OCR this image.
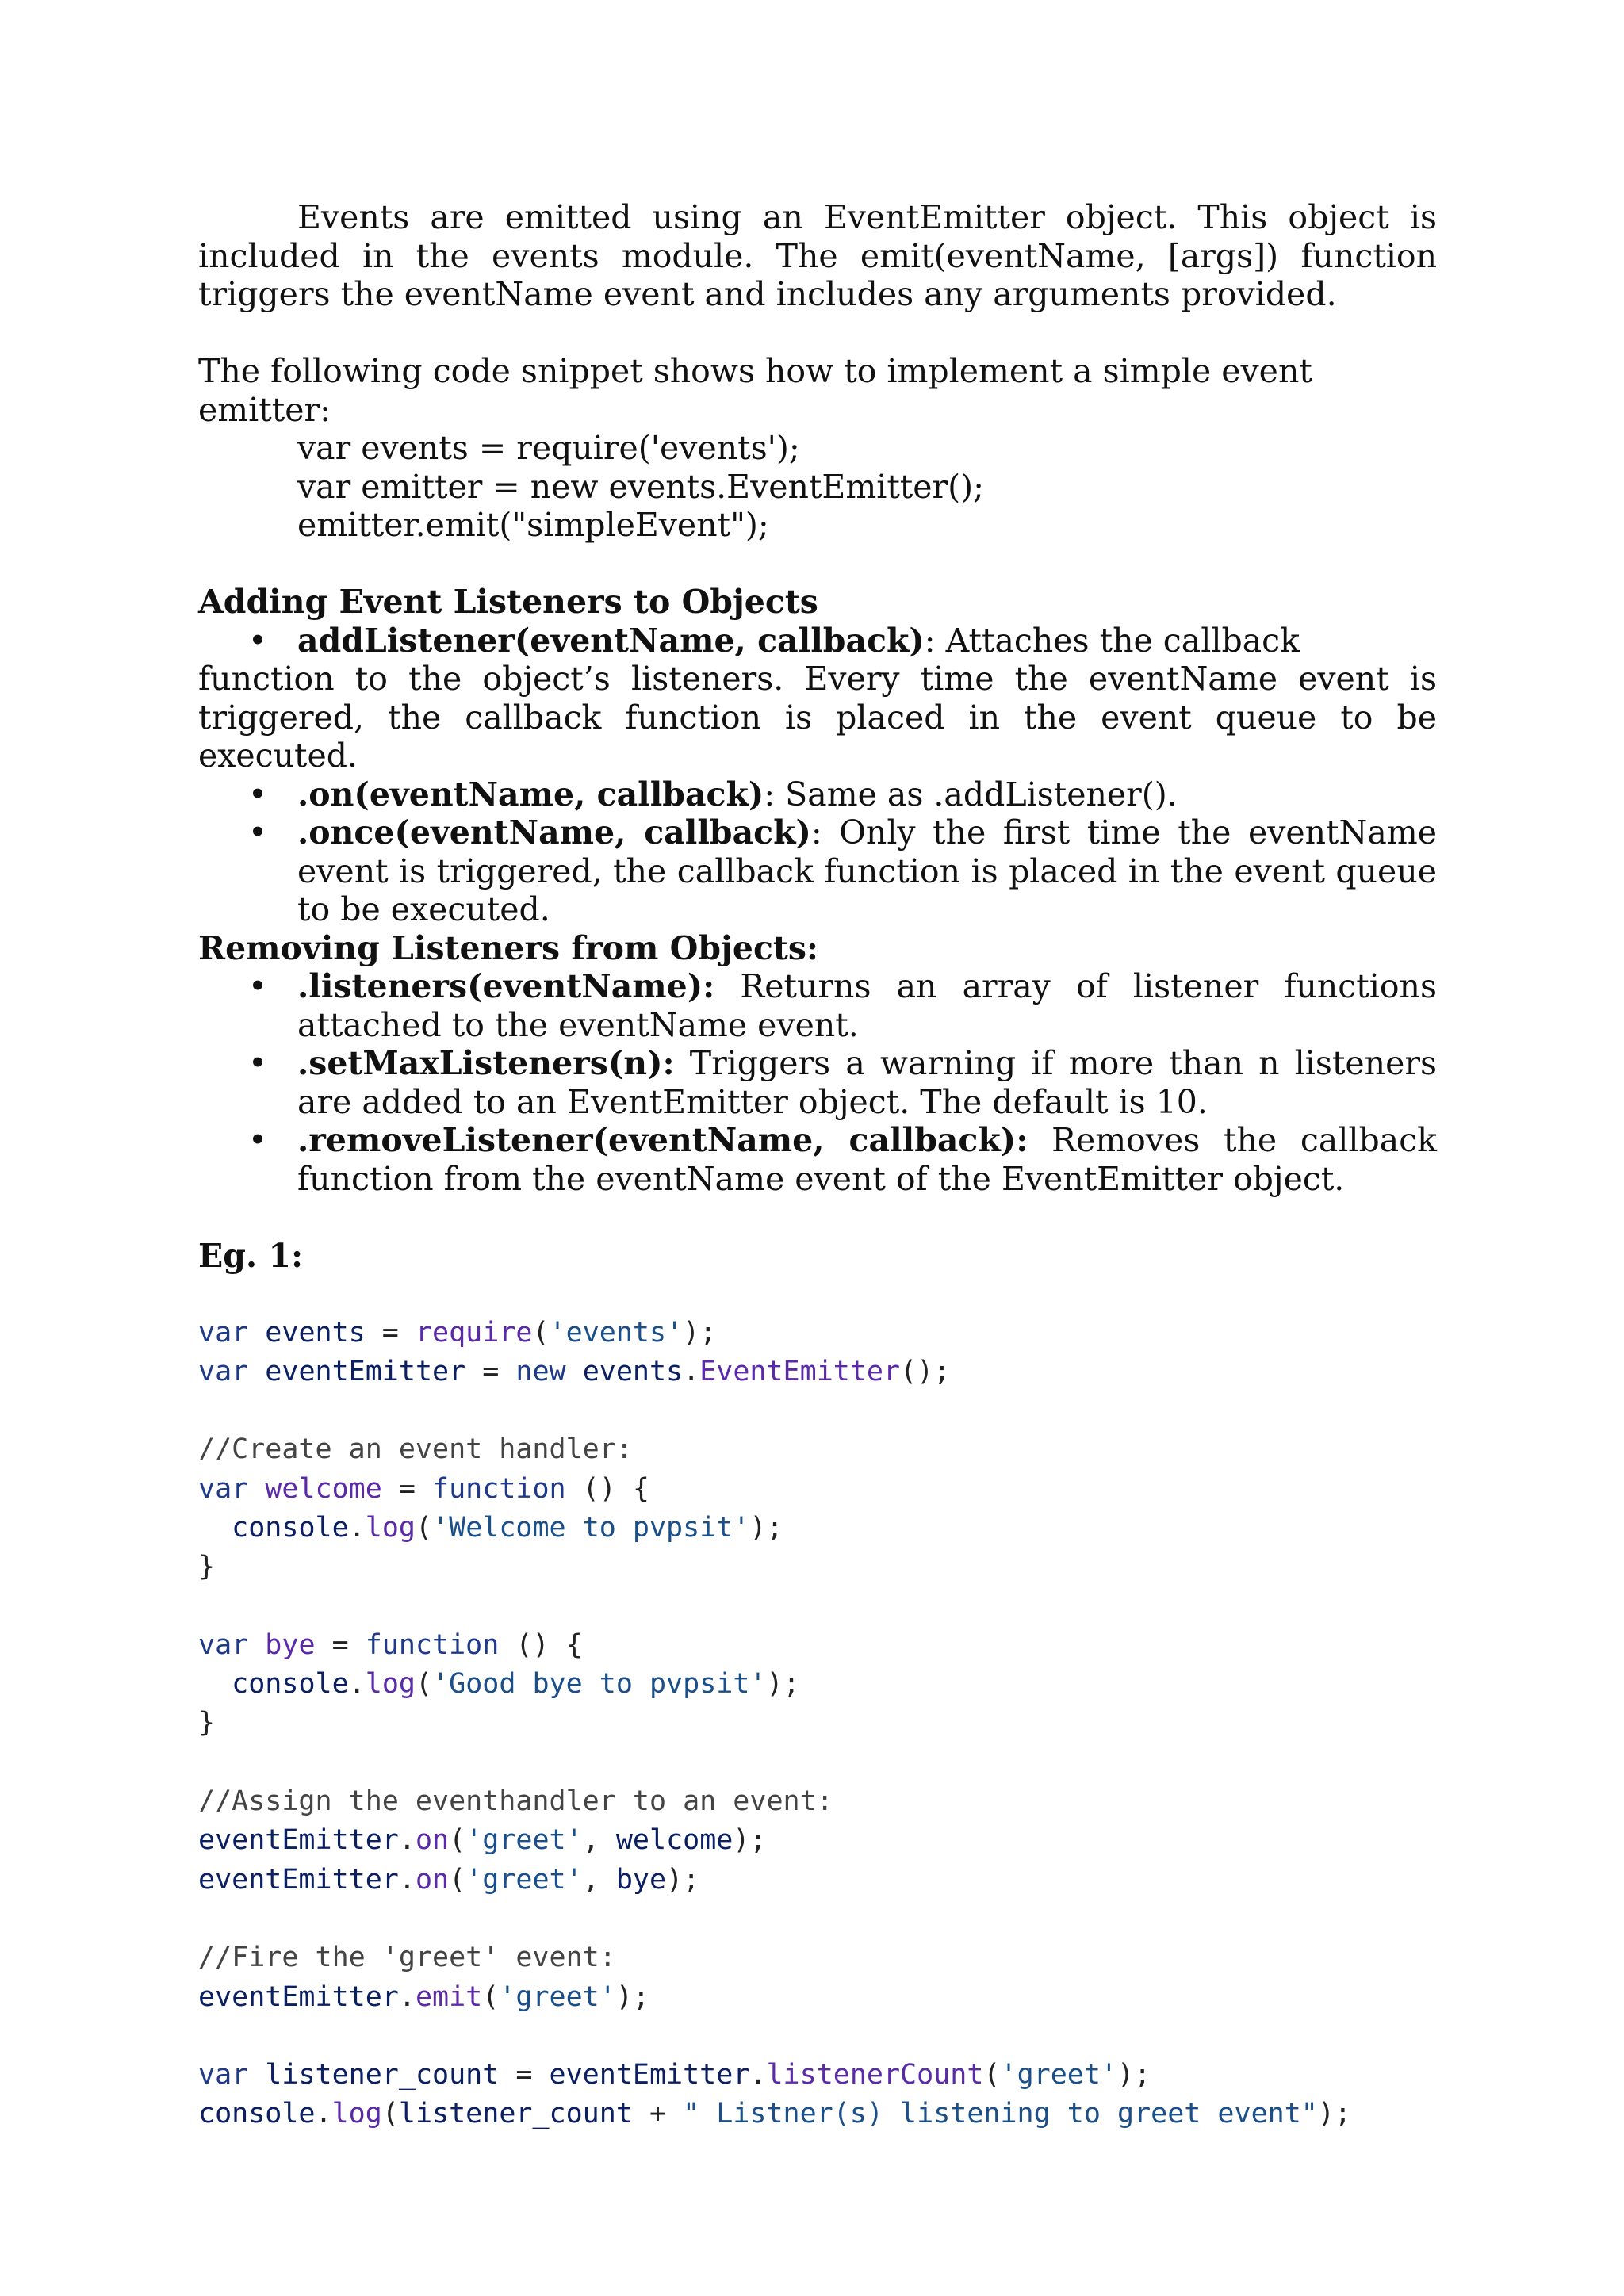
Events are emitted using an EventEmitter object. This object is included in the events module. The emit(eventName, [args]) function triggers the eventName event and includes any arguments provided.

The following code snippet shows how to implement a simple event emitter:

var events = require('events');
var emitter = new events.EventEmitter();
emitter.emit("simpleEvent");

Adding Event Listeners to Objects

• addListener(eventName, callback): Attaches the callback
function to the object’s listeners. Every time the eventName event is triggered, the callback function is placed in the event queue to be executed.
• .on(eventName, callback): Same as .addListener().
• .once(eventName, callback): Only the first time the eventName event is triggered, the callback function is placed in the event queue to be executed.

Removing Listeners from Objects:

• .listeners(eventName): Returns an array of listener functions attached to the eventName event.
• .setMaxListeners(n): Triggers a warning if more than n listeners are added to an EventEmitter object. The default is 10.
• .removeListener(eventName, callback): Removes the callback function from the eventName event of the EventEmitter object.

Eg. 1:

var events = require('events');
var eventEmitter = new events.EventEmitter();
//Create an event handler:
var welcome = function () {
console.log('Welcome to pvpsit');
}
var bye = function () {
console.log('Good bye to pvpsit');
}
//Assign the eventhandler to an event:
eventEmitter.on('greet', welcome);
eventEmitter.on('greet', bye);
//Fire the 'greet' event:
eventEmitter.emit('greet');
var listener_count = eventEmitter.listenerCount('greet');
console.log(listener_count + " Listner(s) listening to greet event");
